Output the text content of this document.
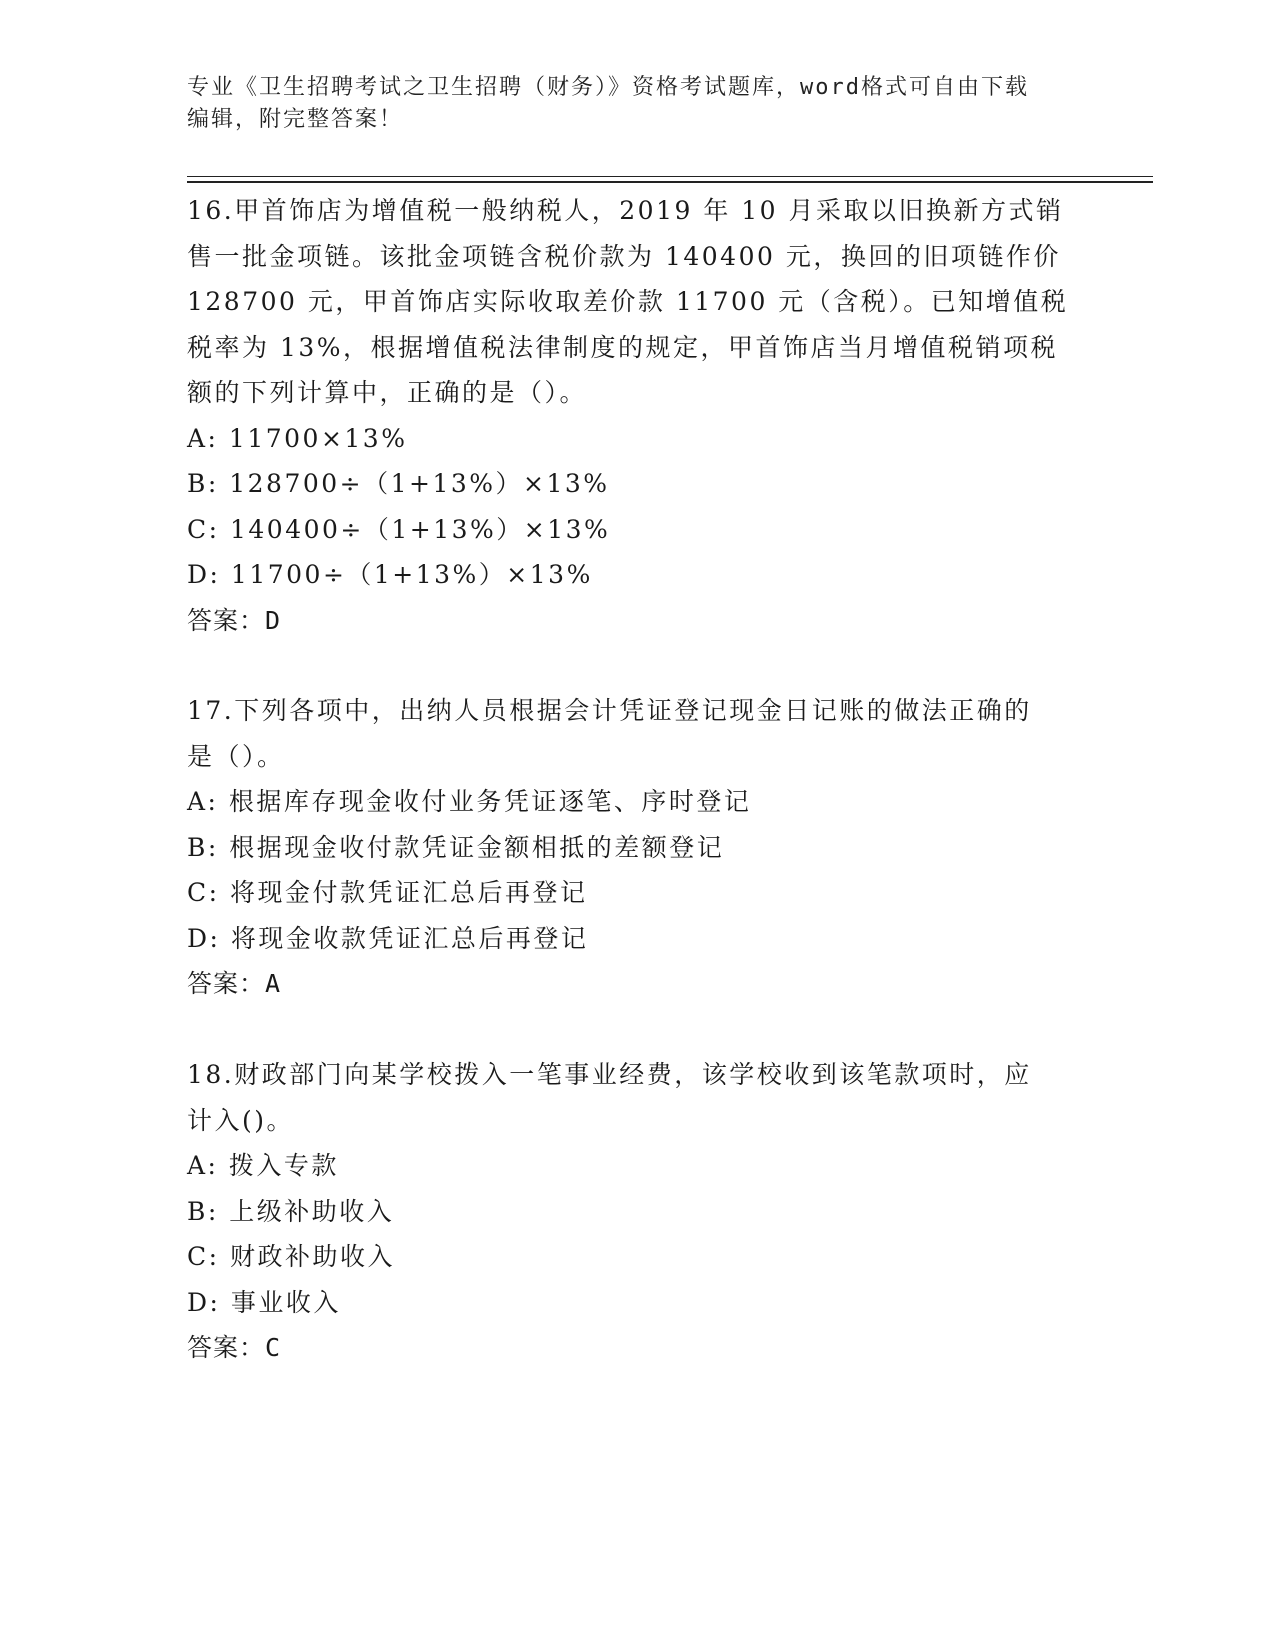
专业《卫生招聘考试之卫生招聘（财务）》资格考试题库，word格式可自由下载
编辑，附完整答案！
16.甲首饰店为增值税一般纳税人，2019 年 10 月采取以旧换新方式销
售一批金项链。该批金项链含税价款为 140400 元，换回的旧项链作价
128700 元，甲首饰店实际收取差价款 11700 元（含税）。已知增值税
税率为 13%，根据增值税法律制度的规定，甲首饰店当月增值税销项税
额的下列计算中，正确的是（）。
A: 11700×13%
B: 128700÷（1+13%）×13%
C: 140400÷（1+13%）×13%
D: 11700÷（1+13%）×13%
答案：D
17.下列各项中，出纳人员根据会计凭证登记现金日记账的做法正确的
是（）。
A: 根据库存现金收付业务凭证逐笔、序时登记
B: 根据现金收付款凭证金额相抵的差额登记
C: 将现金付款凭证汇总后再登记
D: 将现金收款凭证汇总后再登记
答案：A
18.财政部门向某学校拨入一笔事业经费，该学校收到该笔款项时，应
计入()。
A: 拨入专款
B: 上级补助收入
C: 财政补助收入
D: 事业收入
答案：C
